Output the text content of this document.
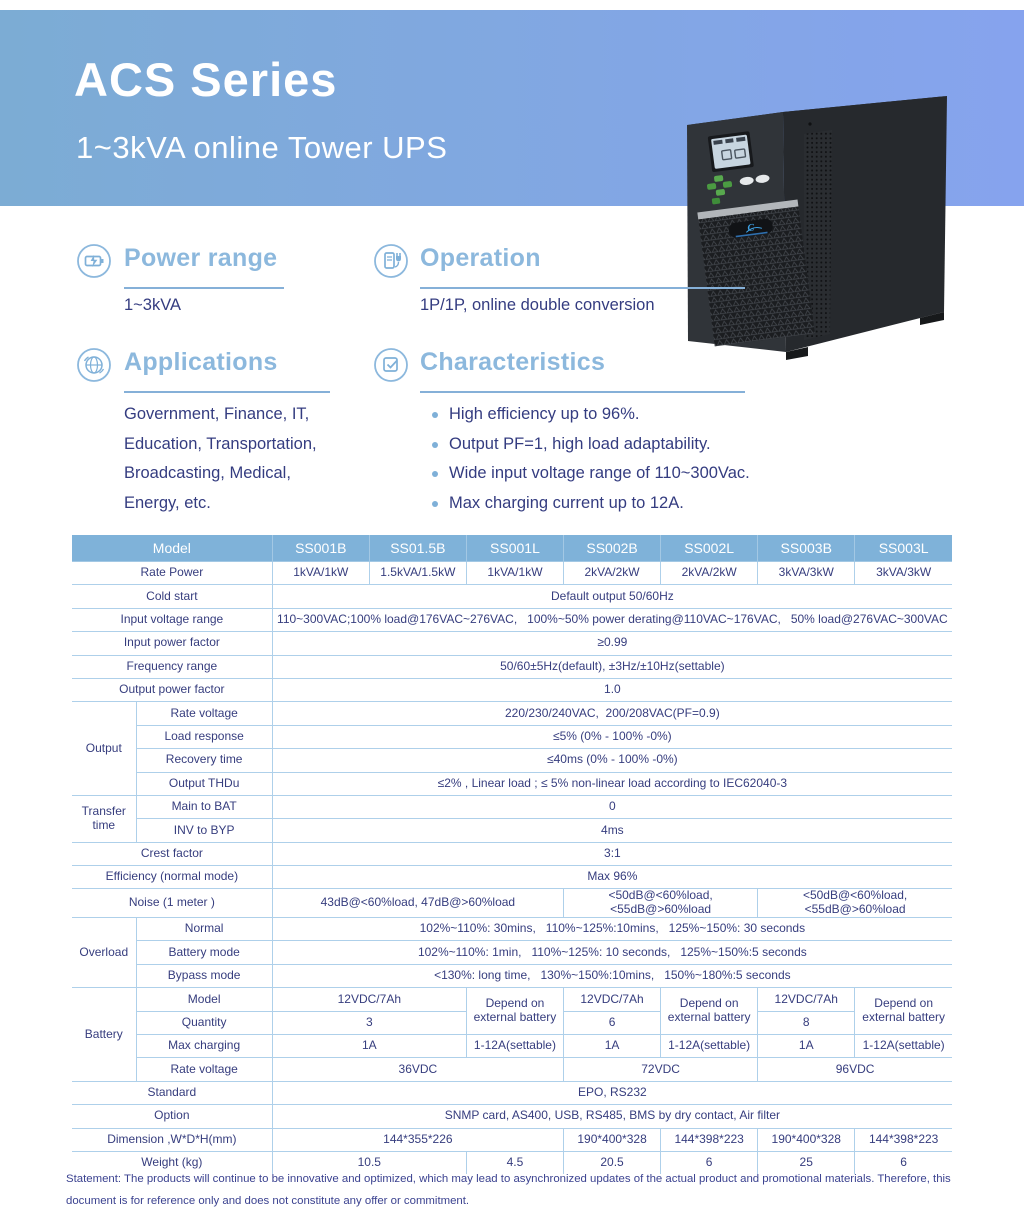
ACS Series
1~3kVA online Tower UPS
C
Power range
1~3kVA
Operation
1P/1P, online double conversion
Applications
Government, Finance, IT,
Education, Transportation,
Broadcasting, Medical,
Energy, etc.
Characteristics
High efficiency up to 96%.
Output PF=1, high load adaptability.
Wide input voltage range of 110~300Vac.
Max charging current up to 12A.
Model		SS001B	SS01.5B	SS001L	SS002B	SS002L	SS003B	SS003L
Rate Power		1kVA/1kW	1.5kVA/1.5kW	1kVA/1kW	2kVA/2kW	2kVA/2kW	3kVA/3kW	3kVA/3kW
Cold start		Default output 50/60Hz						
Input voltage range		110~300VAC;100% load@176VAC~276VAC,   100%~50% power derating@110VAC~176VAC,   50% load@276VAC~300VAC						
Input power factor		≥0.99						
Frequency range		50/60±5Hz(default), ±3Hz/±10Hz(settable)						
Output power factor		1.0						
Output	Rate voltage	220/230/240VAC,  200/208VAC(PF=0.9)						
	Load response	≤5% (0% - 100% -0%)						
	Recovery time	≤40ms (0% - 100% -0%)						
	Output THDu	≤2% , Linear load ; ≤ 5% non-linear load according to IEC62040-3						
Transfer time	Main to BAT	0						
	INV to BYP	4ms						
Crest factor		3:1						
Efficiency (normal mode)		Max 96%						
Noise (1 meter )		43dB@<60%load, 47dB@>60%load			<50dB@<60%load,<55dB@>60%load		<50dB@<60%load,<55dB@>60%load	
Overload	Normal	102%~110%: 30mins,   110%~125%:10mins,   125%~150%: 30 seconds						
	Battery mode	102%~110%: 1min,   110%~125%: 10 seconds,   125%~150%:5 seconds						
	Bypass mode	<130%: long time,   130%~150%:10mins,   150%~180%:5 seconds						
Battery	Model	12VDC/7Ah		Depend on external battery	12VDC/7Ah	Depend on external battery	12VDC/7Ah	Depend on external battery
	Quantity	3			6		8	
	Max charging	1A		1-12A(settable)	1A	1-12A(settable)	1A	1-12A(settable)
	Rate voltage	36VDC			72VDC		96VDC	
Standard		EPO, RS232						
Option		SNMP card, AS400, USB, RS485, BMS by dry contact, Air filter						
Dimension ,W*D*H(mm)		144*355*226			190*400*328	144*398*223	190*400*328	144*398*223
Weight (kg)		10.5		4.5	20.5	6	25	6
Statement: The products will continue to be innovative and optimized, which may lead to asynchronized updates of the actual product and promotional materials. Therefore, this document is for reference only and does not constitute any offer or commitment.
